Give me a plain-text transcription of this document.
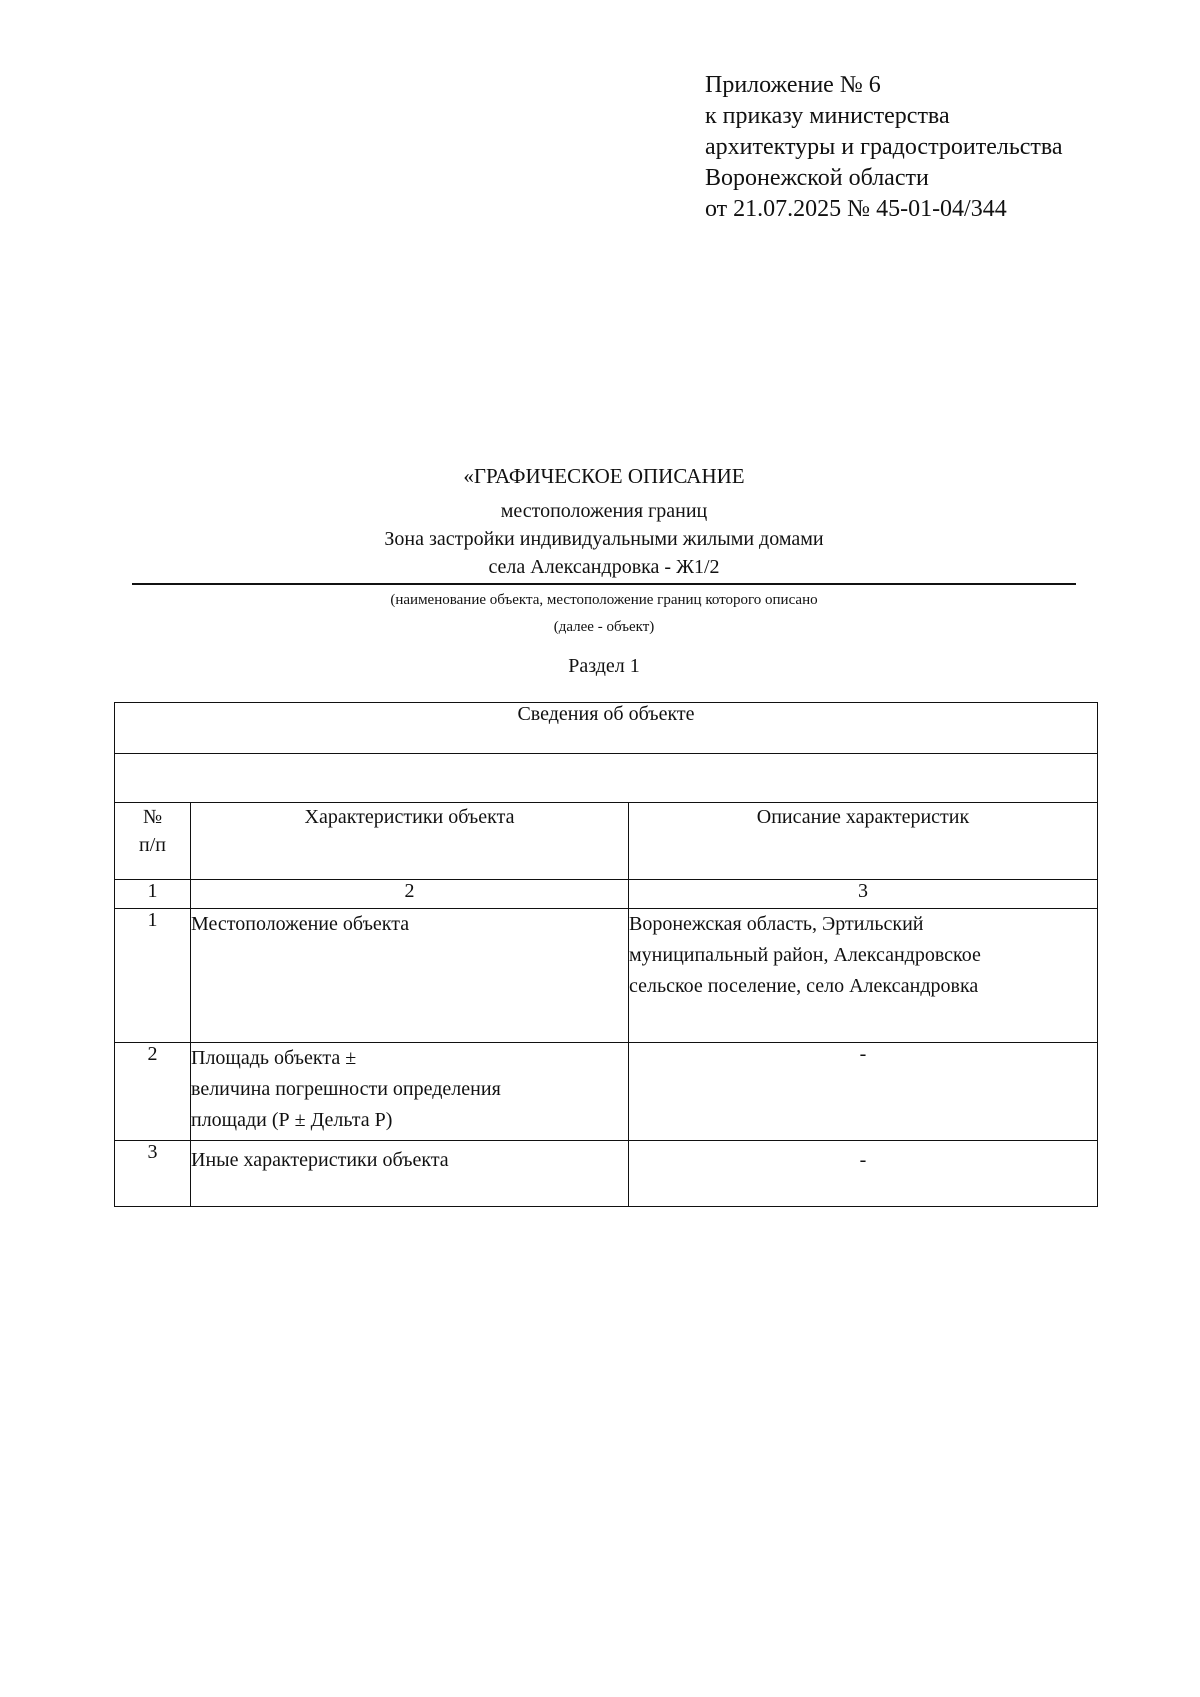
Приложение № 6
к приказу министерства
архитектуры и градостроительства
Воронежской области
от 21.07.2025 № 45-01-04/344
«ГРАФИЧЕСКОЕ ОПИСАНИЕ
местоположения границ
Зона застройки индивидуальными жилыми домами
села Александровка - Ж1/2
(наименование объекта, местоположение границ которого описано
(далее - объект)
Раздел 1
Сведения об объекте		

№
п/п	Характеристики объекта	Описание характеристик
1	2	3
1	Местоположение объекта	Воронежская область, Эртильский
муниципальный район, Александровское
сельское поселение, село Александровка

2	Площадь объекта ±
величина погрешности определения
площади (Р ± Дельта Р)	-
3	Иные характеристики объекта	-
